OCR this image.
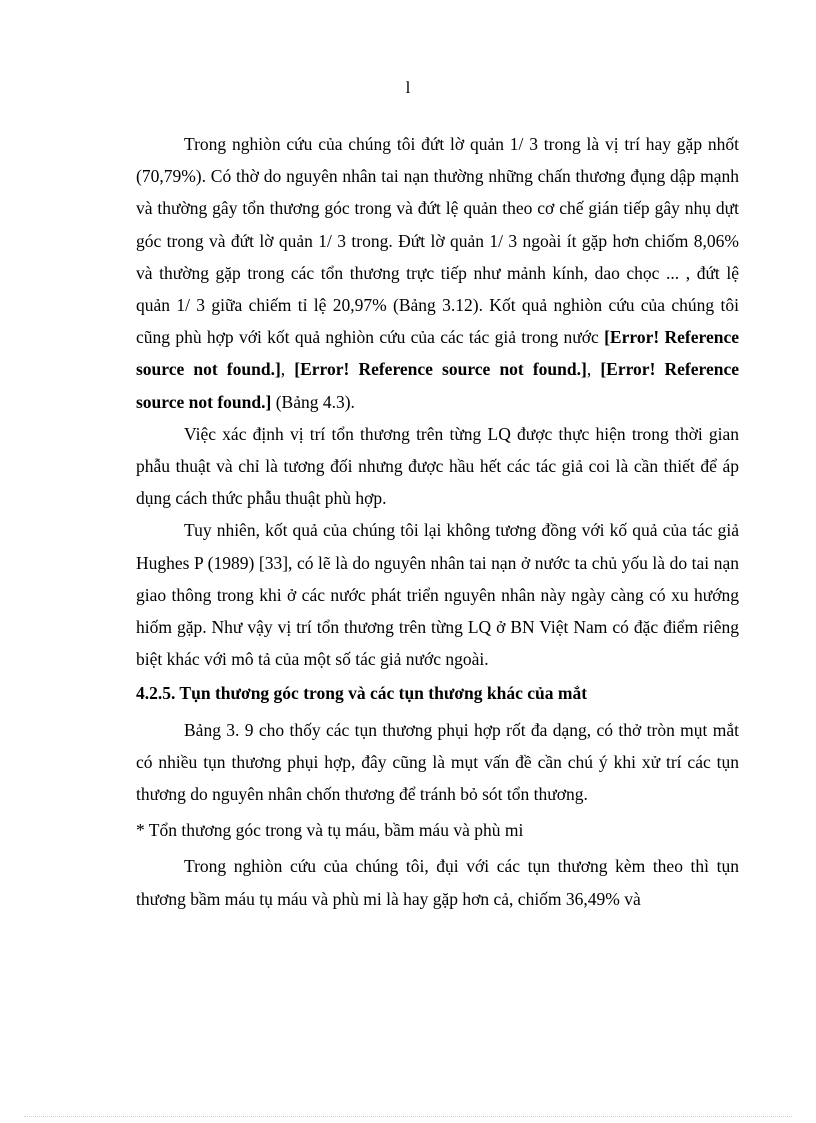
l

Trong nghiòn cứu của chúng tôi đứt lờ quản 1/ 3 trong là vị trí hay gặp nhốt (70,79%). Có thờ do nguyên nhân tai nạn thường những chấn thương đụng dập mạnh và thường gây tổn thương góc trong và đứt lệ quản theo cơ chế gián tiếp gây nhụ dựt góc trong và đứt lờ quản 1/ 3 trong. Đứt lờ quản 1/ 3 ngoài ít gặp hơn chiốm 8,06% và thường gặp trong các tổn thương trực tiếp như mảnh kính, dao chọc ... , đứt lệ quản 1/ 3 giữa chiếm tỉ lệ 20,97% (Bảng 3.12). Kốt quả nghiòn cứu của chúng tôi cũng phù hợp với kốt quả nghiòn cứu của các tác giả trong nước [Error! Reference source not found.], [Error! Reference source not found.], [Error! Reference source not found.] (Bảng 4.3).

Việc xác định vị trí tổn thương trên từng LQ được thực hiện trong thời gian phẫu thuật và chỉ là tương đối nhưng được hầu hết các tác giả coi là cần thiết để áp dụng cách thức phẫu thuật phù hợp.

Tuy nhiên, kốt quả của chúng tôi lại không tương đồng với kố quả của tác giả Hughes P (1989) [33], có lẽ là do nguyên nhân tai nạn ở nước ta chủ yốu là do tai nạn giao thông trong khi ở các nước phát triển nguyên nhân này ngày càng có xu hướng hiốm gặp. Như vậy vị trí tổn thương trên từng LQ ở BN Việt Nam có đặc điểm riêng biệt khác với mô tả của một số tác giả nước ngoài.

4.2.5. Tụn thương góc trong và các tụn thương khác của mắt

Bảng 3. 9 cho thốy các tụn thương phụi hợp rốt đa dạng, có thở tròn mụt mắt có nhiều tụn thương phụi hợp, đây cũng là mụt vấn đề cần chú ý khi xử trí các tụn thương do nguyên nhân chốn thương để tránh bỏ sót tổn thương.

* Tổn thương góc trong và tụ máu, bầm máu và phù mi

Trong nghiòn cứu của chúng tôi, đụi với các tụn thương kèm theo thì tụn thương bầm máu tụ máu và phù mi là hay gặp hơn cả, chiốm 36,49% và
